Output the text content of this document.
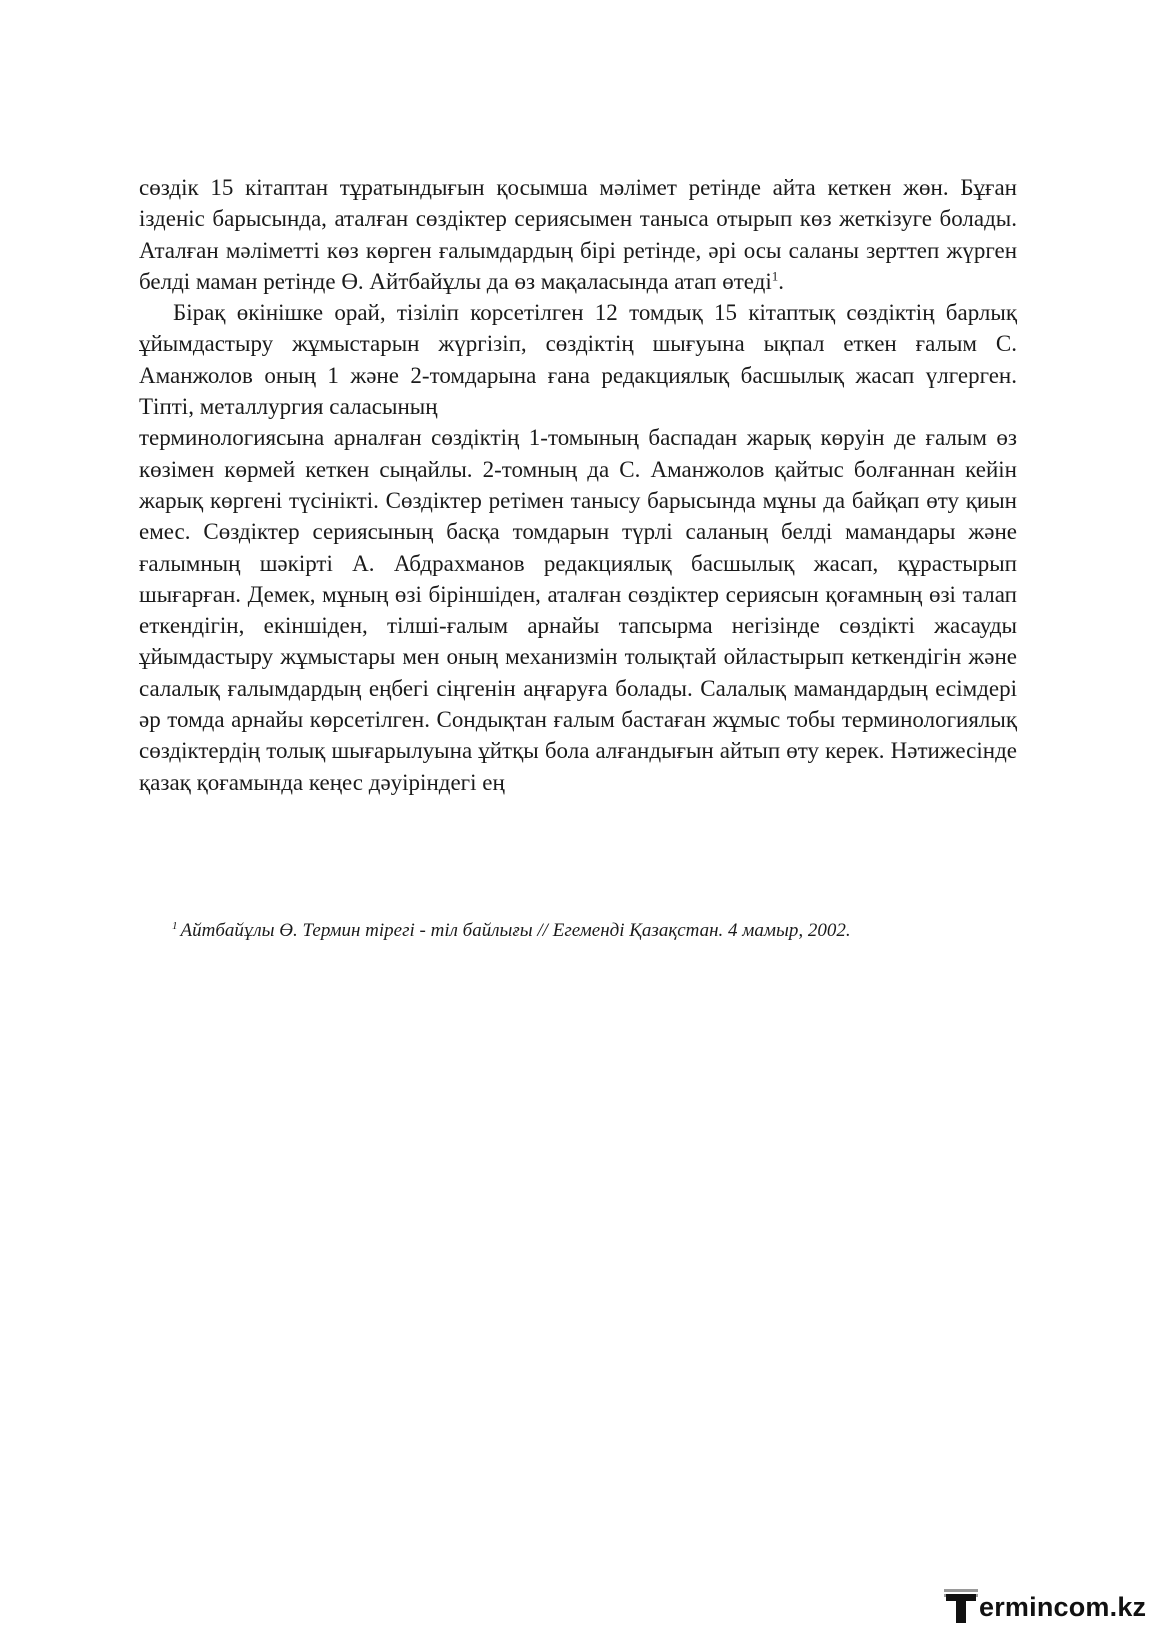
сөздік 15 кітаптан тұратындығын қосымша мәлімет ретінде айта кеткен жөн. Бұған ізденіс барысында, аталған сөздіктер сериясымен таныса отырып көз жеткізуге болады. Аталған мәліметті көз көрген ғалымдардың бірі ретінде, әрі осы саланы зерттеп жүрген белді маман ретінде Ө. Айтбайұлы да өз мақаласында атап өтеді$^1$.

Бірақ өкінішке орай, тізіліп корсетілген 12 томдық 15 кітаптық сөздіктің барлық ұйымдастыру жұмыстарын жүргізіп, сөздіктің шығуына ықпал еткен ғалым С. Аманжолов оның 1 және 2-томдарына ғана редакциялық басшылық жасап үлгерген. Тіпті, металлургия саласының

терминологиясына арналған сөздіктің 1-томының баспадан жарық көруін де ғалым өз көзімен көрмей кеткен сыңайлы. 2-томның да С. Аманжолов қайтыс болғаннан кейін жарық көргені түсінікті. Сөздіктер ретімен танысу барысында мұны да байқап өту қиын емес. Сөздіктер сериясының басқа томдарын түрлі саланың белді мамандары және ғалымның шәкірті А. Абдрахманов редакциялық басшылық жасап, құрастырып шығарған. Демек, мұның өзі біріншіден, аталған сөздіктер сериясын қоғамның өзі талап еткендігін, екіншіден, тілші-ғалым арнайы тапсырма негізінде сөздікті жасауды ұйымдастыру жұмыстары мен оның механизмін толықтай ойластырып кеткендігін және салалық ғалымдардың еңбегі сіңгенін аңғаруға болады. Салалық мамандардың есімдері әр томда арнайы көрсетілген. Сондықтан ғалым бастаған жұмыс тобы терминологиялық сөздіктердің толық шығарылуына ұйтқы бола алғандығын айтып өту керек. Нәтижесінде қазақ қоғамында кеңес дәуіріндегі ең

$^1$ Айтбайұлы Ө. Термин тірегі - тіл байлығы // Егеменді Қазақстан. 4 мамыр, 2002.
ermincom.kz
